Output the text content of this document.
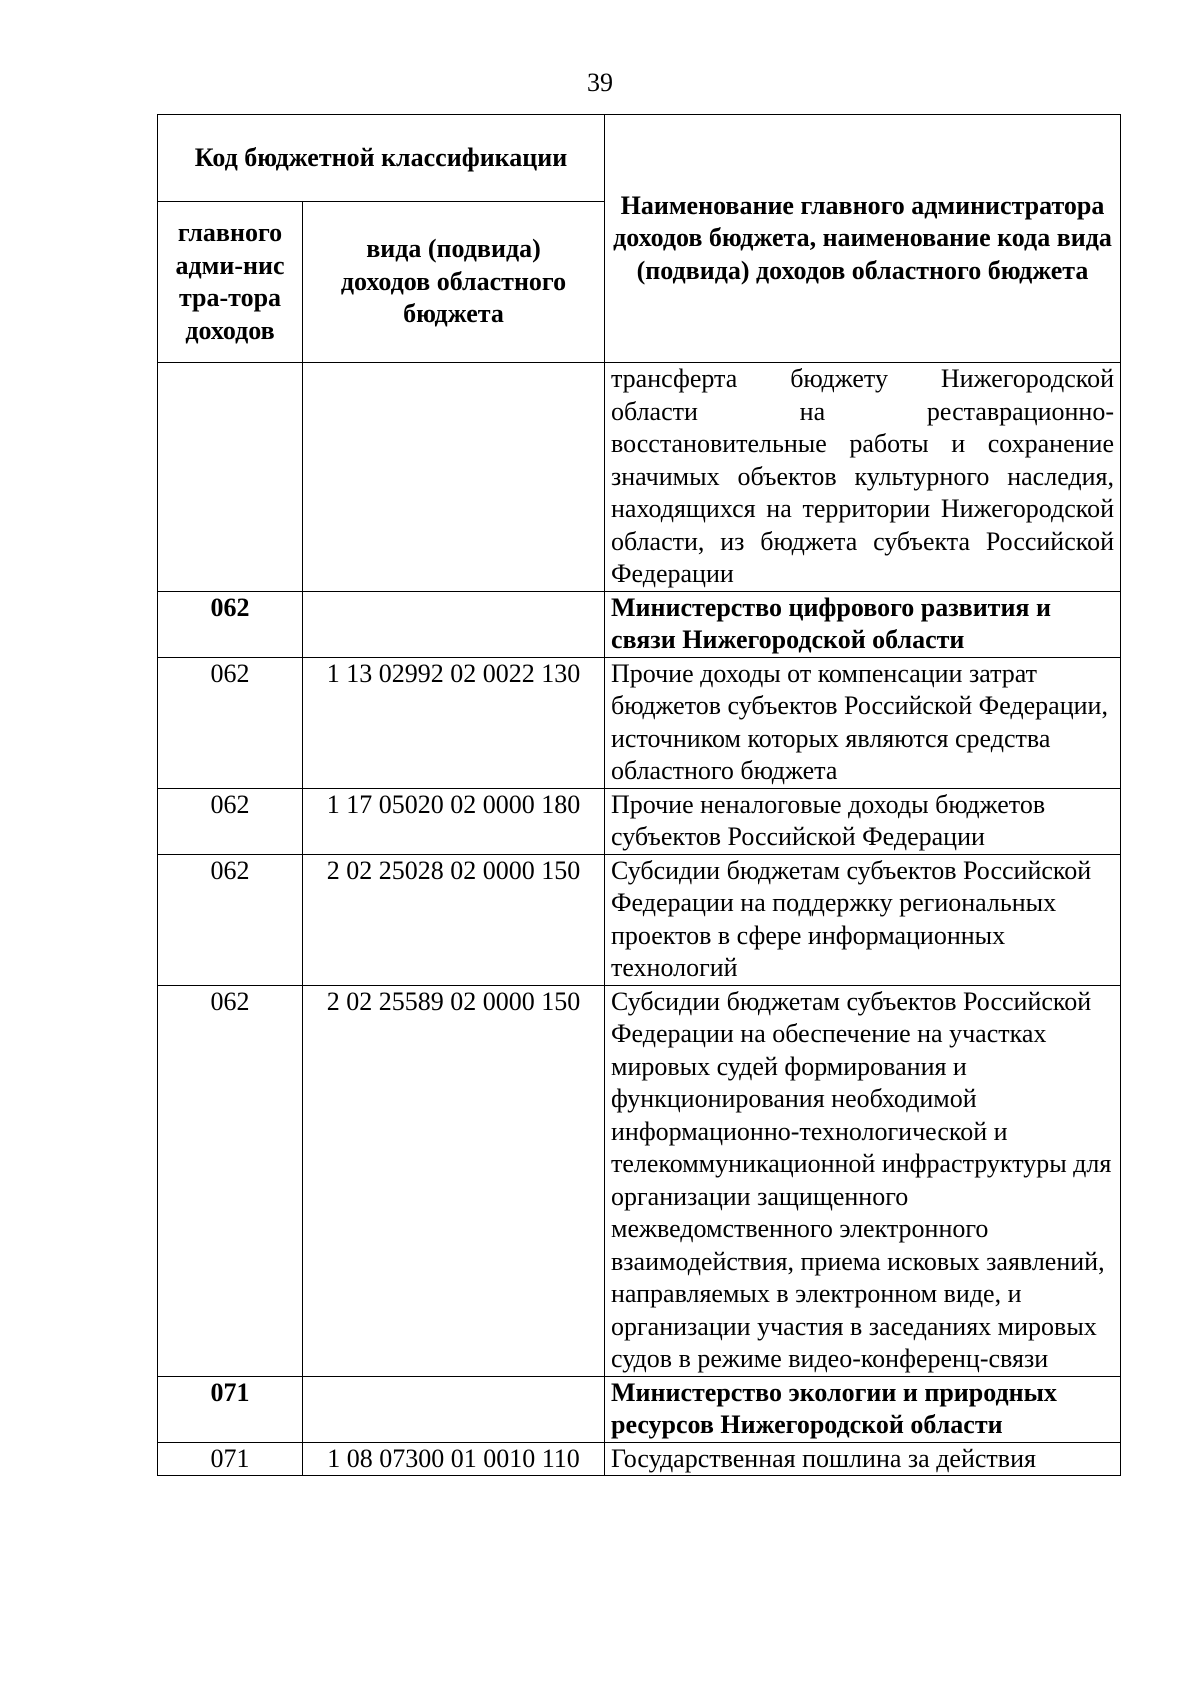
39
Код бюджетной классификации		Наименование главного администратора доходов бюджета, наименование кода вида (подвида) доходов областного бюджета

главного адми-нистра-тора доходов	вида (подвида) доходов областного бюджета	

		трансферта бюджету Нижегородской области на реставрационно-восстановительные работы и сохранение значимых объектов культурного наследия, находящихся на территории Нижегородской области, из бюджета субъекта Российской Федерации
062		Министерство цифрового развития и связи Нижегородской области
062	1 13 02992 02 0022 130	Прочие доходы от компенсации затрат бюджетов субъектов Российской Федерации, источником которых являются средства областного бюджета
062	1 17 05020 02 0000 180	Прочие неналоговые доходы бюджетов субъектов Российской Федерации
062	2 02 25028 02 0000 150	Субсидии бюджетам субъектов Российской Федерации на поддержку региональных проектов в сфере информационных технологий
062	2 02 25589 02 0000 150	Субсидии бюджетам субъектов Российской Федерации на обеспечение на участках мировых судей формирования и функционирования необходимой информационно-технологической и телекоммуникационной инфраструктуры для организации защищенного межведомственного электронного взаимодействия, приема исковых заявлений, направляемых в электронном виде, и организации участия в заседаниях мировых судов в режиме видео-конференц-связи
071		Министерство экологии и природных ресурсов Нижегородской области
071	1 08 07300 01 0010 110	Государственная пошлина за действия
